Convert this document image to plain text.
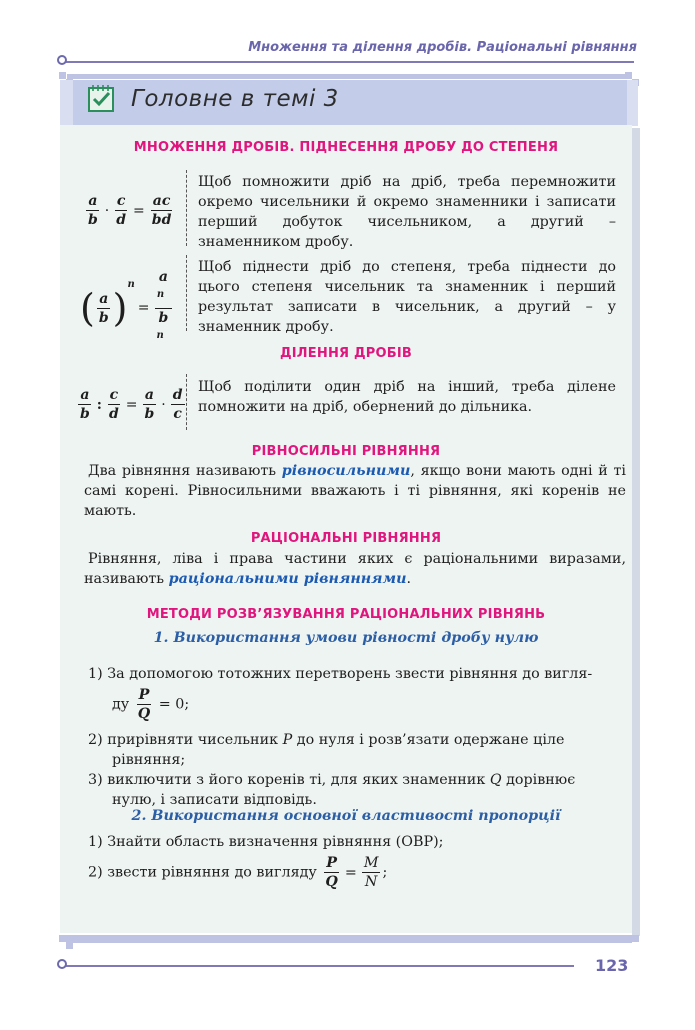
Множення та ділення дробів. Раціональні рівняння
Головне в темі 3
МНОЖЕННЯ ДРОБІВ. ПІДНЕСЕННЯ ДРОБУ ДО СТЕПЕНЯ
$\frac{a}{b} \cdot \frac{c}{d} = \frac{ac}{bd}$
Щоб помножити дріб на дріб, треба перемножити окремо чисельники й окремо знаменники і записати перший добуток чисельником, а другий – знаменником дробу.
( $\frac{a}{b} )^n= a$
$^n$
b
$^n$
Щоб піднести дріб до степеня, треба піднести до цього степеня чисельник та знаменник і перший результат записати в чисельник, а другий – у знаменник дробу.
ДІЛЕННЯ ДРОБІВ
$\frac{a}{b}$ : $\frac{c}{d} = \frac{a}{b} \cdot \frac{d}{c}$ Щоб поділити один дріб на інший, треба ділене помножити на дріб, обернений до дільника.
РІВНОСИЛЬНІ РІВНЯННЯ
Два рівняння називають рівносильними, якщо вони мають одні й ті самі корені. Рівносильними вважають і ті рівняння, які коренів не мають.
РАЦІОНАЛЬНІ РІВНЯННЯ
Рівняння, ліва і права частини яких є раціональними виразами, називають раціональними рівняннями.
МЕТОДИ РОЗВ’ЯЗУВАННЯ РАЦІОНАЛЬНИХ РІВНЯНЬ
1. Використання умови рівності дробу нулю
1) За допомогою тотожних перетворень звести рівняння до вигля-
ду $\frac{P}{Q} = 0$;
2) прирівняти чисельник P до нуля і розв’язати одержане ціле
рівняння;
3) виключити з його коренів ті, для яких знаменник Q дорівнює
нулю, і записати відповідь.
2. Використання основної властивості пропорції
1) Знайти область визначення рівняння (ОВР);
2) звести рівняння до вигляду $\frac{P}{Q} = \frac{M}{N}$ ;
123
